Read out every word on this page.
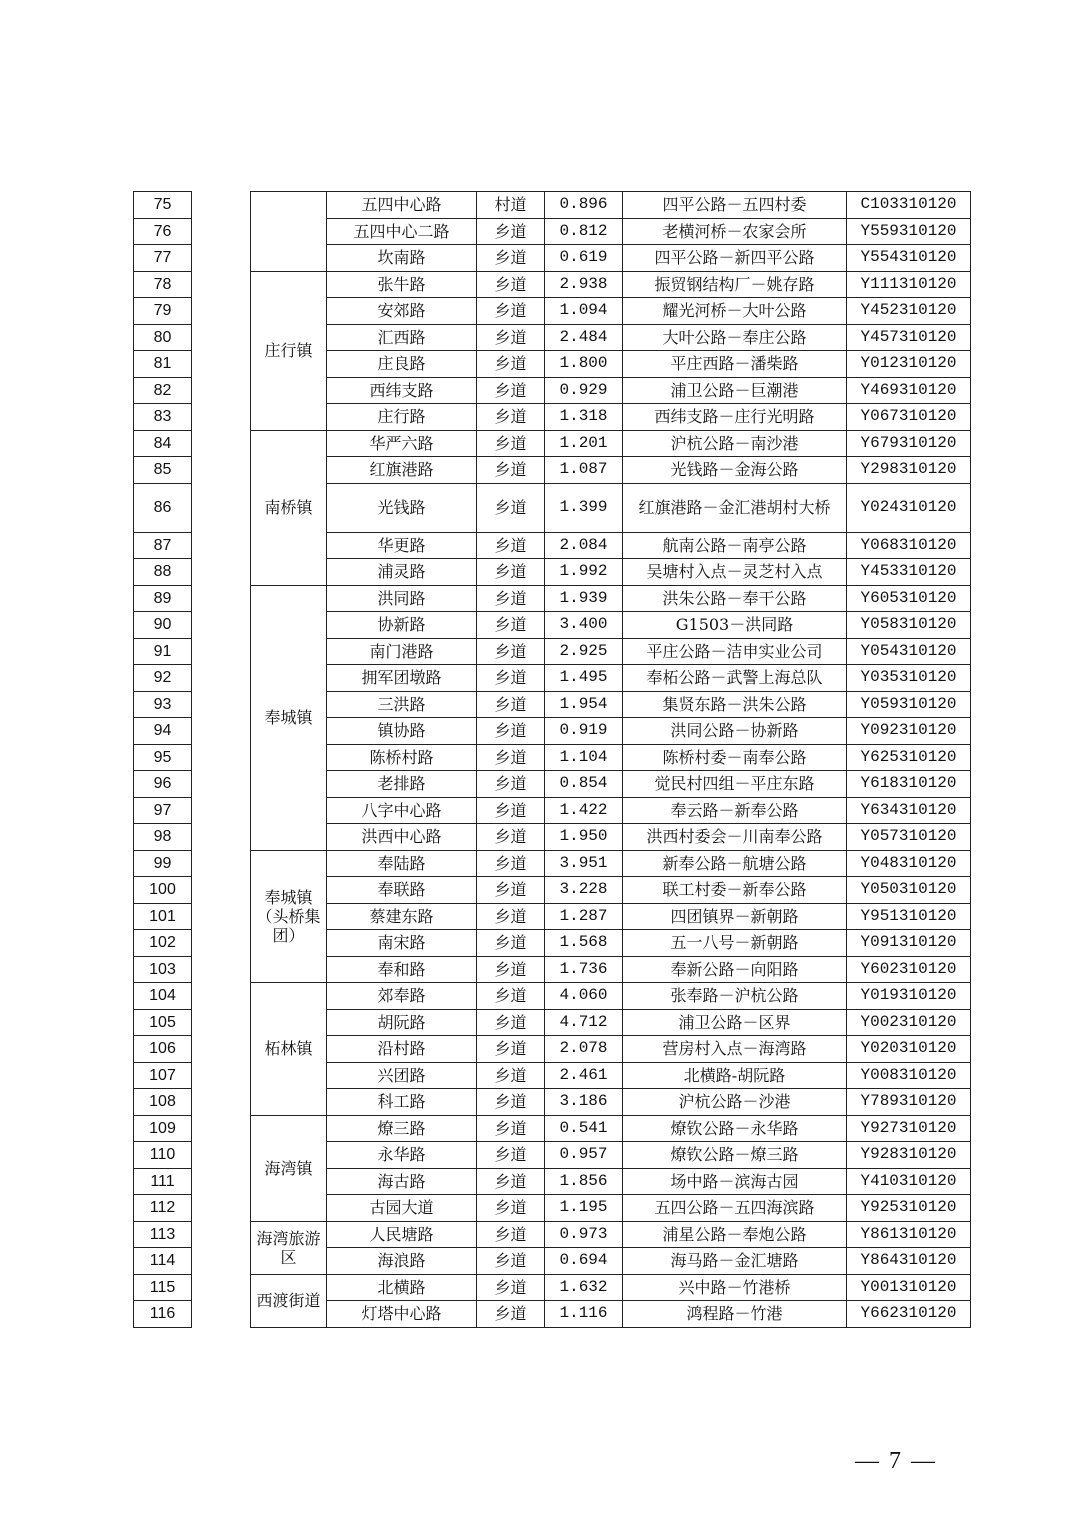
75			五四中心路	村道	0.896	四平公路－五四村委	C103310120
76			五四中心二路	乡道	0.812	老横河桥－农家会所	Y559310120
77			坎南路	乡道	0.619	四平公路－新四平公路	Y554310120
78		庄行镇	张牛路	乡道	2.938	振贸钢结构厂－姚存路	Y111310120
79			安郊路	乡道	1.094	耀光河桥－大叶公路	Y452310120
80			汇西路	乡道	2.484	大叶公路－奉庄公路	Y457310120
81			庄良路	乡道	1.800	平庄西路－潘柴路	Y012310120
82			西纬支路	乡道	0.929	浦卫公路－巨潮港	Y469310120
83			庄行路	乡道	1.318	西纬支路－庄行光明路	Y067310120
84		南桥镇	华严六路	乡道	1.201	沪杭公路－南沙港	Y679310120
85			红旗港路	乡道	1.087	光钱路－金海公路	Y298310120
86			光钱路	乡道	1.399	红旗港路－金汇港胡村大桥	Y024310120
87			华更路	乡道	2.084	航南公路－南亭公路	Y068310120
88			浦灵路	乡道	1.992	吴塘村入点－灵芝村入点	Y453310120
89		奉城镇	洪同路	乡道	1.939	洪朱公路－奉干公路	Y605310120
90			协新路	乡道	3.400	G1503－洪同路	Y058310120
91			南门港路	乡道	2.925	平庄公路－洁申实业公司	Y054310120
92			拥军团墩路	乡道	1.495	奉柘公路－武警上海总队	Y035310120
93			三洪路	乡道	1.954	集贤东路－洪朱公路	Y059310120
94			镇协路	乡道	0.919	洪同公路－协新路	Y092310120
95			陈桥村路	乡道	1.104	陈桥村委－南奉公路	Y625310120
96			老排路	乡道	0.854	觉民村四组－平庄东路	Y618310120
97			八字中心路	乡道	1.422	奉云路－新奉公路	Y634310120
98			洪西中心路	乡道	1.950	洪西村委会－川南奉公路	Y057310120
99		奉城镇（头桥集团）	奉陆路	乡道	3.951	新奉公路－航塘公路	Y048310120
100			奉联路	乡道	3.228	联工村委－新奉公路	Y050310120
101			蔡建东路	乡道	1.287	四团镇界－新朝路	Y951310120
102			南宋路	乡道	1.568	五一八号－新朝路	Y091310120
103			奉和路	乡道	1.736	奉新公路－向阳路	Y602310120
104		柘林镇	郊奉路	乡道	4.060	张奉路－沪杭公路	Y019310120
105			胡阮路	乡道	4.712	浦卫公路－区界	Y002310120
106			沿村路	乡道	2.078	营房村入点－海湾路	Y020310120
107			兴团路	乡道	2.461	北横路-胡阮路	Y008310120
108			科工路	乡道	3.186	沪杭公路－沙港	Y789310120
109		海湾镇	燎三路	乡道	0.541	燎钦公路－永华路	Y927310120
110			永华路	乡道	0.957	燎钦公路－燎三路	Y928310120
111			海古路	乡道	1.856	场中路－滨海古园	Y410310120
112			古园大道	乡道	1.195	五四公路－五四海滨路	Y925310120
113		海湾旅游区	人民塘路	乡道	0.973	浦星公路－奉炮公路	Y861310120
114			海浪路	乡道	0.694	海马路－金汇塘路	Y864310120
115		西渡街道	北横路	乡道	1.632	兴中路－竹港桥	Y001310120
116			灯塔中心路	乡道	1.116	鸿程路－竹港	Y662310120
— 7 —
